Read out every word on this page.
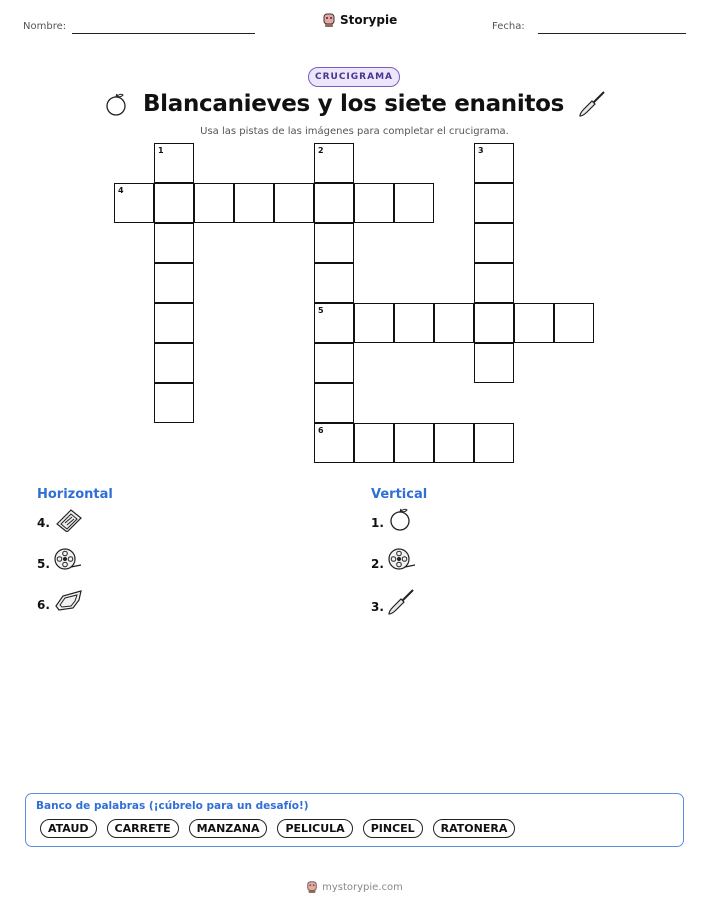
Nombre:	Storypie	Fecha:
CRUCIGRAMA
Blancanieves y los siete enanitos
Usa las pistas de las imágenes para completar el crucigrama.
1
4
2	3
5
6
Horizontal	Vertical
4.
5.
6.
1.
2.
3.
Banco de palabras (¡cúbrelo para un desafío!)
ATAUD	CARRETE	MANZANA	PELICULA	PINCEL	RATONERA
mystorypie.com
